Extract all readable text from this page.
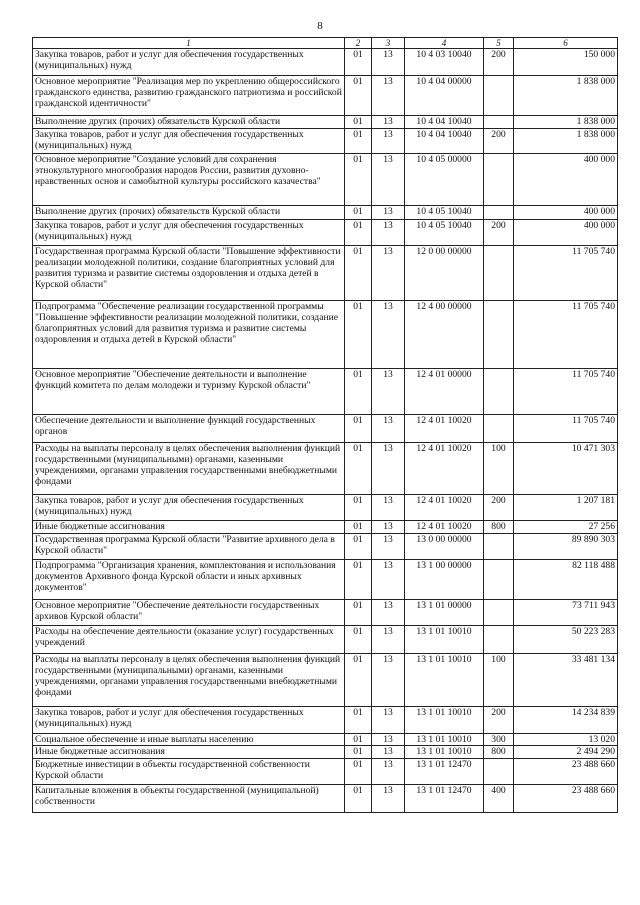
8
1	2	3	4	5	6
Закупка товаров, работ и услуг для обеспечения государственных (муниципальных) нужд	01	13	10 4 03 10040	200	150 000
Основное мероприятие "Реализация мер по укреплению общероссийского гражданского единства, развитию гражданского патриотизма и российской гражданской идентичности"	01	13	10 4 04 00000		1 838 000
Выполнение других (прочих) обязательств Курской области	01	13	10 4 04 10040		1 838 000
Закупка товаров, работ и услуг для обеспечения государственных (муниципальных) нужд	01	13	10 4 04 10040	200	1 838 000
Основное мероприятие "Создание условий для сохранения этнокультурного многообразия народов России, развития духовно-нравственных основ и самобытной культуры российского казачества"	01	13	10 4 05 00000		400 000
Выполнение других (прочих) обязательств Курской области	01	13	10 4 05 10040		400 000
Закупка товаров, работ и услуг для обеспечения государственных (муниципальных) нужд	01	13	10 4 05 10040	200	400 000
Государственная программа Курской области "Повышение эффективности реализации молодежной политики, создание благоприятных условий для развития туризма и развитие системы оздоровления и отдыха детей в Курской области"	01	13	12 0 00 00000		11 705 740
Подпрограмма "Обеспечение реализации государственной программы "Повышение эффективности реализации молодежной политики, создание благоприятных условий для развития туризма и развитие системы оздоровления и отдыха детей в Курской области"	01	13	12 4 00 00000		11 705 740
Основное мероприятие "Обеспечение деятельности и выполнение функций комитета по делам молодежи и туризму Курской области"	01	13	12 4 01 00000		11 705 740
Обеспечение деятельности и выполнение функций государственных органов	01	13	12 4 01 10020		11 705 740
Расходы на выплаты персоналу в целях обеспечения выполнения функций государственными (муниципальными) органами, казенными учреждениями, органами управления государственными внебюджетными фондами	01	13	12 4 01 10020	100	10 471 303
Закупка товаров, работ и услуг для обеспечения государственных (муниципальных) нужд	01	13	12 4 01 10020	200	1 207 181
Иные бюджетные ассигнования	01	13	12 4 01 10020	800	27 256
Государственная программа Курской области "Развитие архивного дела в Курской области"	01	13	13 0 00 00000		89 890 303
Подпрограмма "Организация хранения, комплектования и использования документов Архивного фонда Курской области и иных архивных документов"	01	13	13 1 00 00000		82 118 488
Основное мероприятие "Обеспечение деятельности государственных архивов Курской области"	01	13	13 1 01 00000		73 711 943
Расходы на обеспечение деятельности (оказание услуг) государственных учреждений	01	13	13 1 01 10010		50 223 283
Расходы на выплаты персоналу в целях обеспечения выполнения функций государственными (муниципальными) органами, казенными учреждениями, органами управления государственными внебюджетными фондами	01	13	13 1 01 10010	100	33 481 134
Закупка товаров, работ и услуг для обеспечения государственных (муниципальных) нужд	01	13	13 1 01 10010	200	14 234 839
Социальное обеспечение и иные выплаты населению	01	13	13 1 01 10010	300	13 020
Иные бюджетные ассигнования	01	13	13 1 01 10010	800	2 494 290
Бюджетные инвестиции в объекты государственной собственности Курской области	01	13	13 1 01 12470		23 488 660
Капитальные вложения в объекты государственной (муниципальной) собственности	01	13	13 1 01 12470	400	23 488 660
